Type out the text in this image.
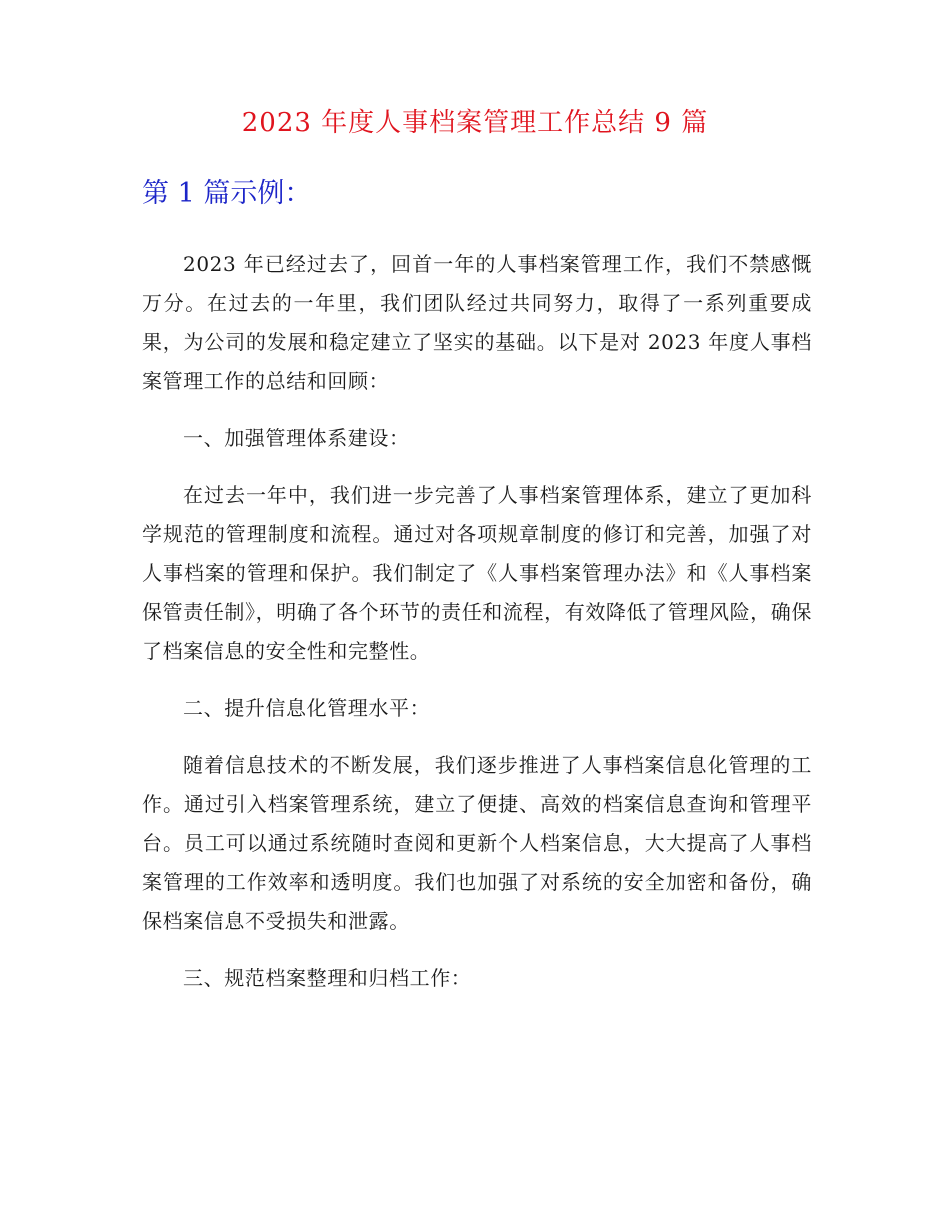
2023 年度人事档案管理工作总结 9 篇
第 1 篇示例：

2023 年已经过去了，回首一年的人事档案管理工作，我们不禁感慨万分。在过去的一年里，我们团队经过共同努力，取得了一系列重要成果，为公司的发展和稳定建立了坚实的基础。以下是对 2023 年度人事档案管理工作的总结和回顾：

一、加强管理体系建设：

在过去一年中，我们进一步完善了人事档案管理体系，建立了更加科学规范的管理制度和流程。通过对各项规章制度的修订和完善，加强了对人事档案的管理和保护。我们制定了《人事档案管理办法》和《人事档案保管责任制》，明确了各个环节的责任和流程，有效降低了管理风险，确保了档案信息的安全性和完整性。

二、提升信息化管理水平：

随着信息技术的不断发展，我们逐步推进了人事档案信息化管理的工作。通过引入档案管理系统，建立了便捷、高效的档案信息查询和管理平台。员工可以通过系统随时查阅和更新个人档案信息，大大提高了人事档案管理的工作效率和透明度。我们也加强了对系统的安全加密和备份，确保档案信息不受损失和泄露。

三、规范档案整理和归档工作：
